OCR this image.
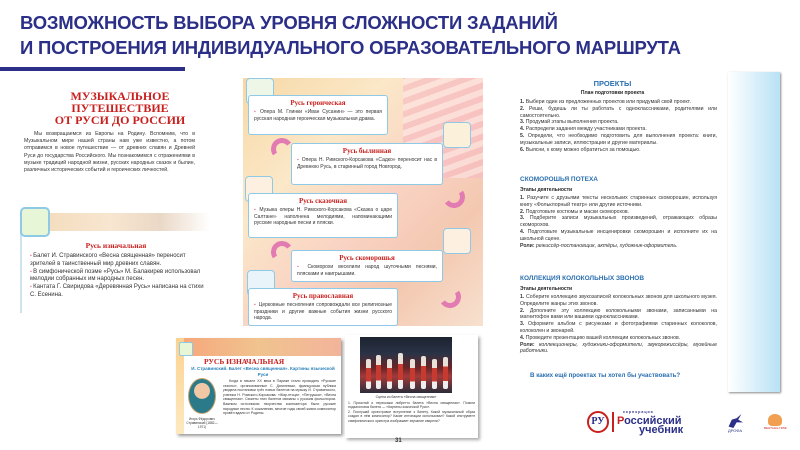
ВОЗМОЖНОСТЬ ВЫБОРА УРОВНЯ СЛОЖНОСТИ ЗАДАНИЙ
И ПОСТРОЕНИЯ ИНДИВИДУАЛЬНОГО ОБРАЗОВАТЕЛЬНОГО МАРШРУТА
МУЗЫКАЛЬНОЕ
ПУТЕШЕСТВИЕ
ОТ РУСИ ДО РОССИИ
Мы возвращаемся из Европы на Родину. Вспомним, что в Музыкальном мире нашей страны нам уже известно, а потом отправимся в новое путешествие — от древних славян и Древней Руси до государства Российского. Мы познакомимся с отражениями в музыке традиций народной жизни, русских народных сказок и былин, различных исторических событий и героических личностей.
Русь изначальная
▪ Балет И. Стравинского «Весна священная» переносит зрителей в таинственный мир древних славян.
▪ В симфонической поэме «Русь» М. Балакирев использовал мелодии собранных им народных песен.
▪ Кантата Г. Свиридова «Деревянная Русь» написана на стихи С. Есенина.
Русь героическая

▪ Опера М. Глинки «Иван Сусанин» — это первая русская народная героическая музыкальная драма.

Русь былинная

▪ Опера Н. Римского-Корсакова «Садко» переносит нас в Древнюю Русь, в старинный город Новгород.

Русь сказочная

▪ Музыка оперы Н. Римского-Корсакова «Сказка о царе Салтане» наполнена мелодиями, напоминающими русские народные песни и пляски.

Русь скоморошья

▪ Скоморохи веселили народ шуточными песнями, плясками и наигрышами.

Русь православная

▪ Церковные песнопения сопровождали все религиозные праздники и другие важные события жизни русского народа.

РУСЬ ИЗНАЧАЛЬНАЯ
И. Стравинский. Балет «Весна священная». Картины языческой Руси
Игорь Фёдорович Стравинский (1882—1971)
Когда в начале XX века в Париже стали проводить «Русские сезоны», организованные С. Дягилевым, французская публика увидела постановки трёх новых балетов на музыку И. Стравинского, ученика Н. Римского-Корсакова: «Жар-птица», «Петрушка», «Весна священная». Сюжеты этих балетов связаны с русским фольклором. Важным источником творчества композитора были русские народные песни. К сожалению, многие годы своей жизни композитор провёл вдали от Родины.
Сцена из балета «Весна священная»
1. Прочитай и перескажи либретто балета «Весна священная». Поясни подзаголовок балета — «Картины языческой Руси».
2. Послушай оркестровое вступление к балету. Какой музыкальный образ создал в нём композитор? Какие интонации использовал? Какой инструмент симфонического оркестра изображает звучание свирели?
31
ПРОЕКТЫ
План подготовки проекта
1. Выбери один из предложенных проектов или придумай свой проект.
2. Реши, будешь ли ты работать с одноклассниками, родителями или самостоятельно.
3. Продумай этапы выполнения проекта.
4. Распредели задания между участниками проекта.
5. Определи, что необходимо подготовить для выполнения проекта: книги, музыкальные записи, иллюстрации и другие материалы.
6. Выясни, к кому можно обратиться за помощью.
СКОМОРОШЬЯ ПОТЕХА
Этапы деятельности
1. Разучите с друзьями тексты нескольких старинных скоморошин, используя книгу «Фольклорный театр» или другие источники.
2. Подготовьте костюмы и маски скоморохов.
3. Подберите записи музыкальных произведений, отражающих образы скоморохов.
4. Подготовьте музыкальные инсценировки скоморошин и исполните их на школьной сцене.
Роли: режиссёр-постановщик, актёры, художник-оформитель.
КОЛЛЕКЦИЯ КОЛОКОЛЬНЫХ ЗВОНОВ
Этапы деятельности
1. Соберите коллекцию звукозаписей колокольных звонов для школьного музея. Определите жанры этих звонов.
2. Дополните эту коллекцию колокольными звонами, записанными на магнитофон вами или вашими одноклассниками.
3. Оформите альбом с рисунками и фотографиями старинных колоколов, колоколен и звонарей.
4. Проведите презентацию вашей коллекции колокольных звонов.
Роли: коллекционеры, художники-оформители, звукорежиссёры, музейные работники.
В каких ещё проектах ты хотел бы участвовать?
РУ
корпорация
Российский
учебник	ДРОФА	ВЕНТАНА-ГРАФ
